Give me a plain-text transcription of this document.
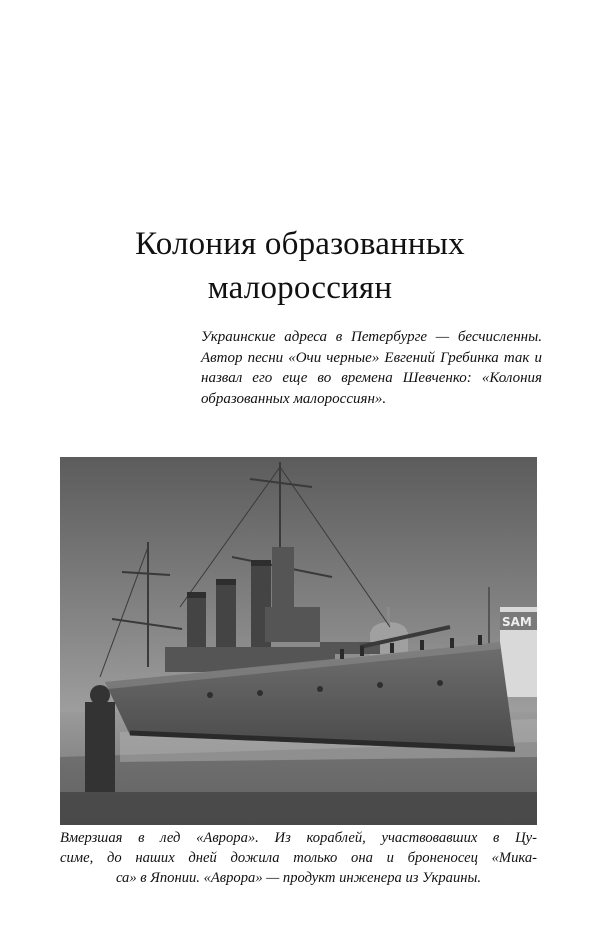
Колония образованных
малороссиян

Украинские адреса в Петербурге — бесчисленны. Автор песни «Очи черные» Евгений Гребинка так и назвал его еще во времена Шевченко: «Колония образованных малороссиян».

SAM

Вмерзшая в лед «Аврора». Из кораблей, участвовавших в Цу-
симе, до наших дней дожила только она и броненосец «Мика-
са» в Японии. «Аврора» — продукт инженера из Украины.
